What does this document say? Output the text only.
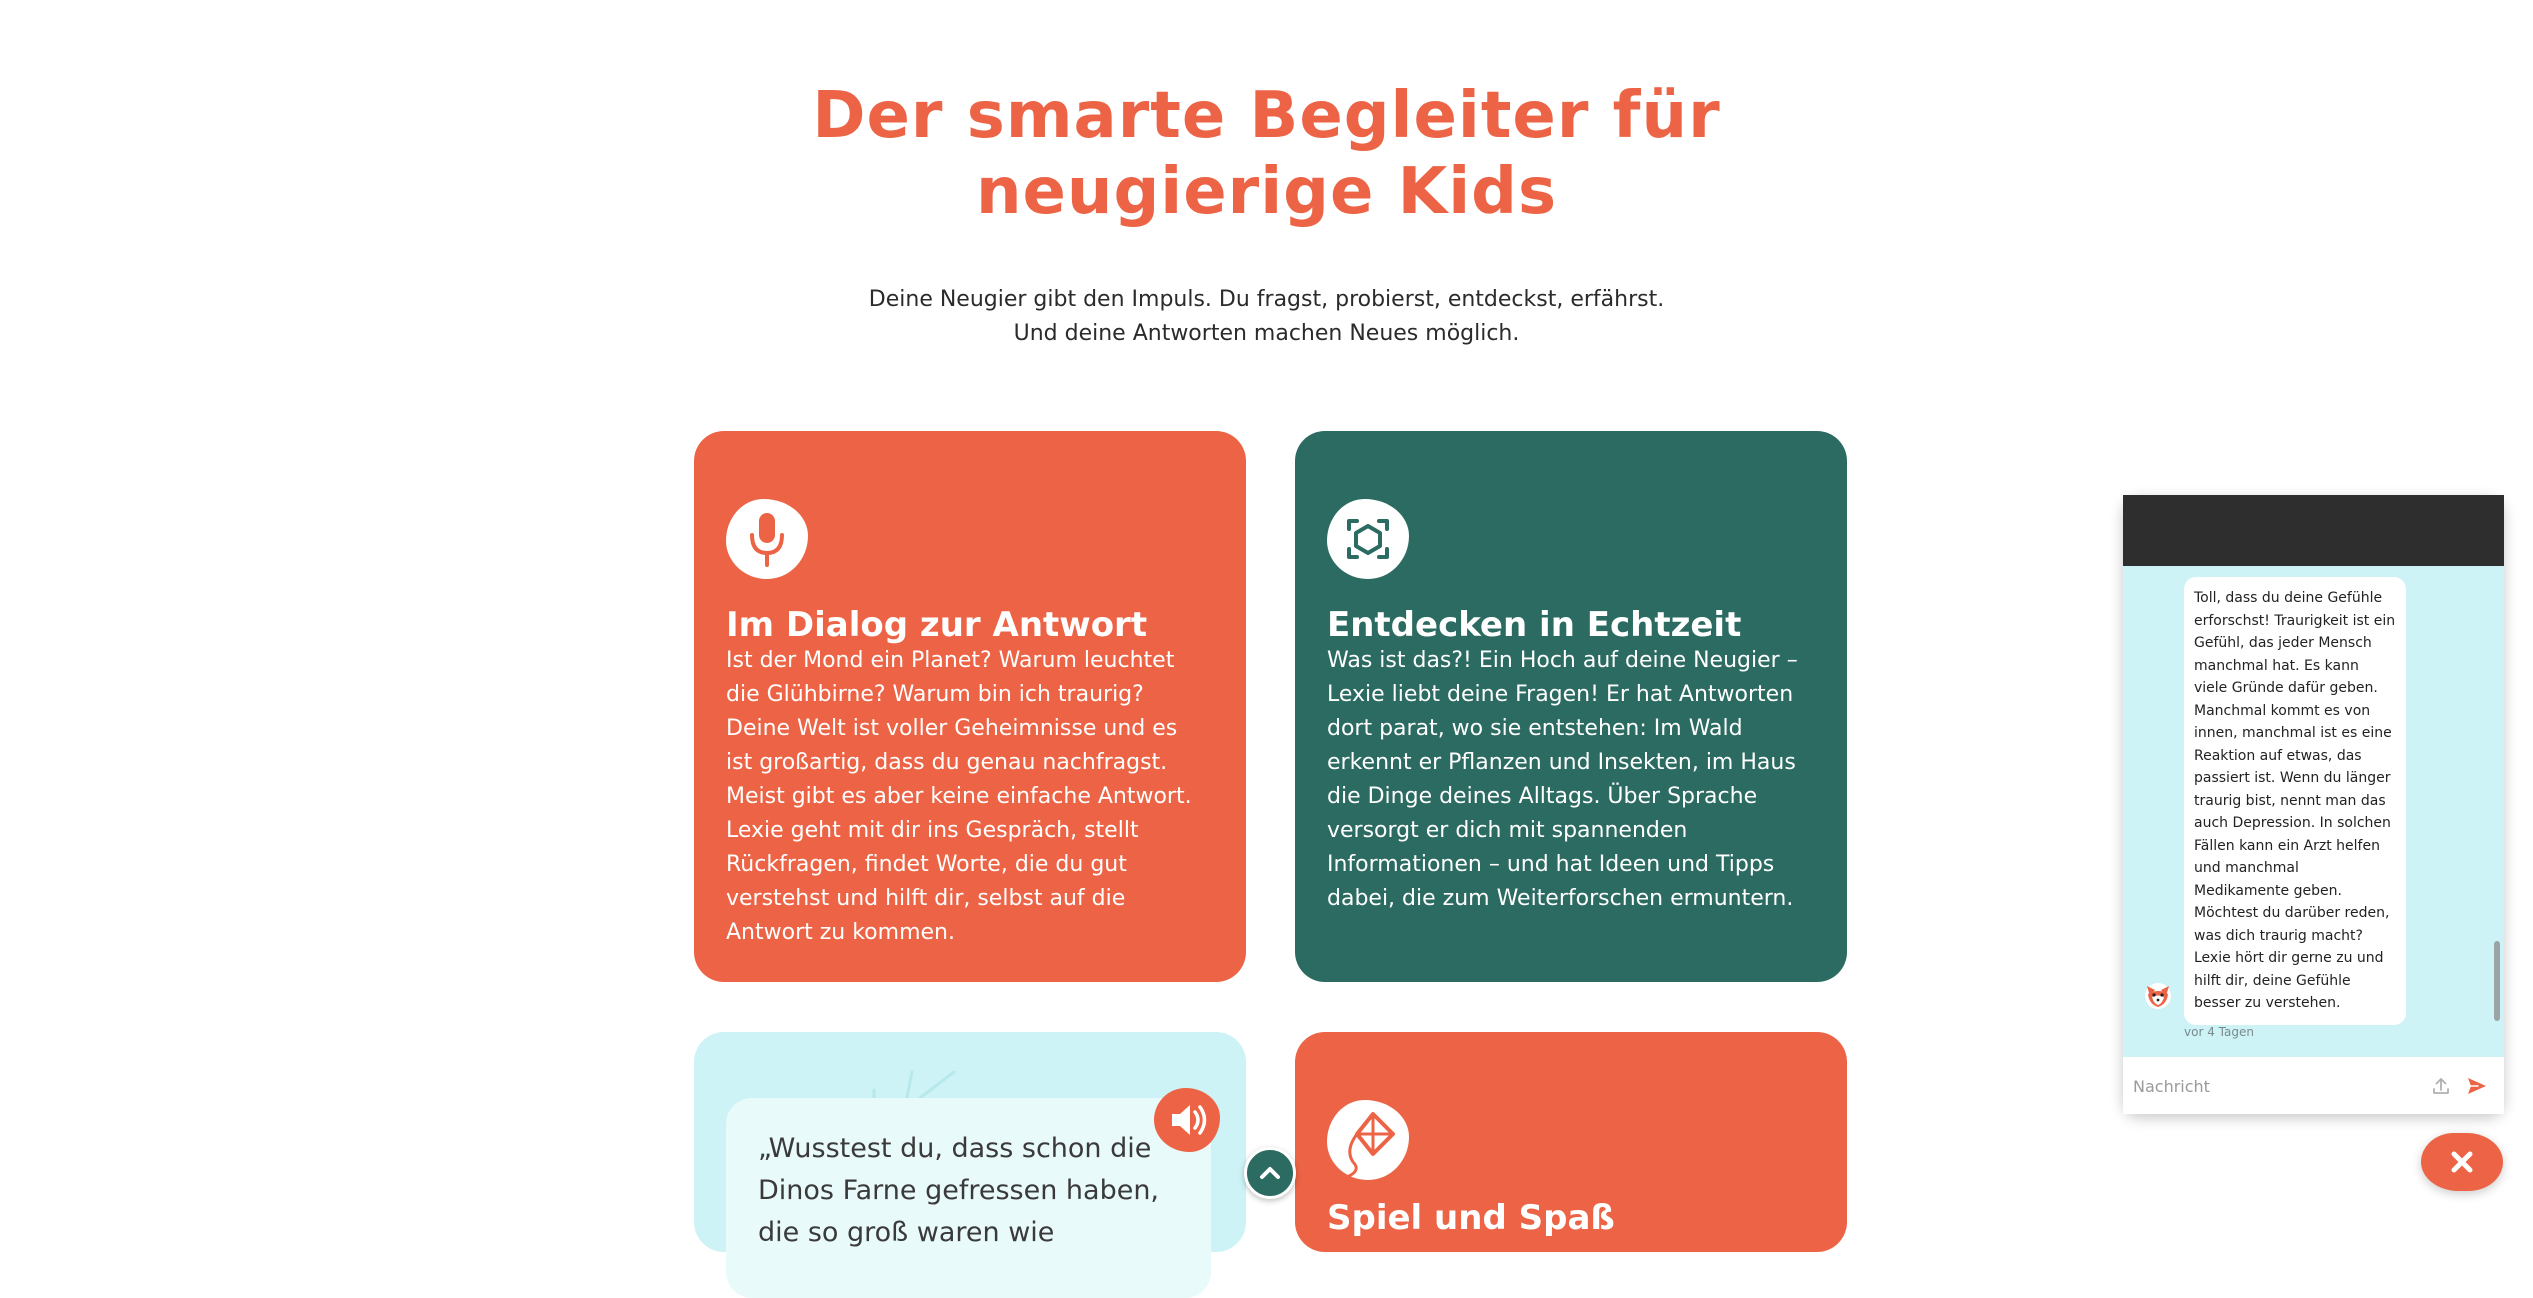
Der smarte Begleiter für
neugierige Kids

Deine Neugier gibt den Impuls. Du fragst, probierst, entdeckst, erfährst.
Und deine Antworten machen Neues möglich.

Im Dialog zur Antwort

Ist der Mond ein Planet? Warum leuchtet die Glühbirne? Warum bin ich traurig? Deine Welt ist voller Geheimnisse und es ist großartig, dass du genau nachfragst. Meist gibt es aber keine einfache Antwort. Lexie geht mit dir ins Gespräch, stellt Rückfragen, findet Worte, die du gut verstehst und hilft dir, selbst auf die Antwort zu kommen.

Entdecken in Echtzeit

Was ist das?! Ein Hoch auf deine Neugier – Lexie liebt deine Fragen! Er hat Antworten dort parat, wo sie entstehen: Im Wald erkennt er Pflanzen und Insekten, im Haus die Dinge deines Alltags. Über Sprache versorgt er dich mit spannenden Informationen – und hat Ideen und Tipps dabei, die zum Weiterforschen ermuntern.

„Wusstest du, dass schon die Dinos Farne gefressen haben, die so groß waren wie	Spiel und Spaß
Toll, dass du deine Gefühle erforschst! Traurigkeit ist ein Gefühl, das jeder Mensch manchmal hat. Es kann viele Gründe dafür geben. Manchmal kommt es von innen, manchmal ist es eine Reaktion auf etwas, das passiert ist. Wenn du länger traurig bist, nennt man das auch Depression. In solchen Fällen kann ein Arzt helfen und manchmal Medikamente geben. Möchtest du darüber reden, was dich traurig macht? Lexie hört dir gerne zu und hilft dir, deine Gefühle besser zu verstehen.
vor 4 Tagen
Nachricht
